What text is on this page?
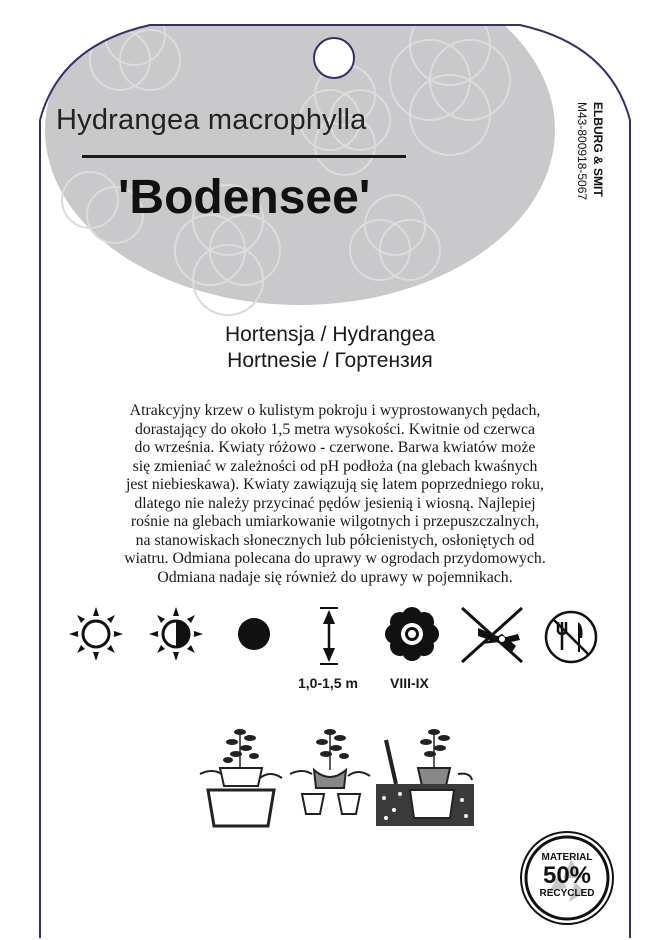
Hydrangea macrophylla
'Bodensee'
ELBURG & SMIT
M43-800918-5067
Hortensja / Hydrangea
Hortnesie / Гортензия
Atrakcyjny krzew o kulistym pokroju i wyprostowanych pędach,
dorastający do około 1,5 metra wysokości. Kwitnie od czerwca
do września. Kwiaty różowo - czerwone. Barwa kwiatów może
się zmieniać w zależności od pH podłoża (na glebach kwaśnych
jest niebieskawa). Kwiaty zawiązują się latem poprzedniego roku,
dlatego nie należy przycinać pędów jesienią i wiosną. Najlepiej
rośnie na glebach umiarkowanie wilgotnych i przepuszczalnych,
na stanowiskach słonecznych lub półcienistych, osłoniętych od
wiatru. Odmiana polecana do uprawy w ogrodach przydomowych.
Odmiana nadaje się również do uprawy w pojemnikach.
1,0-1,5 m VIII-IX
MATERIAL
50%
RECYCLED
